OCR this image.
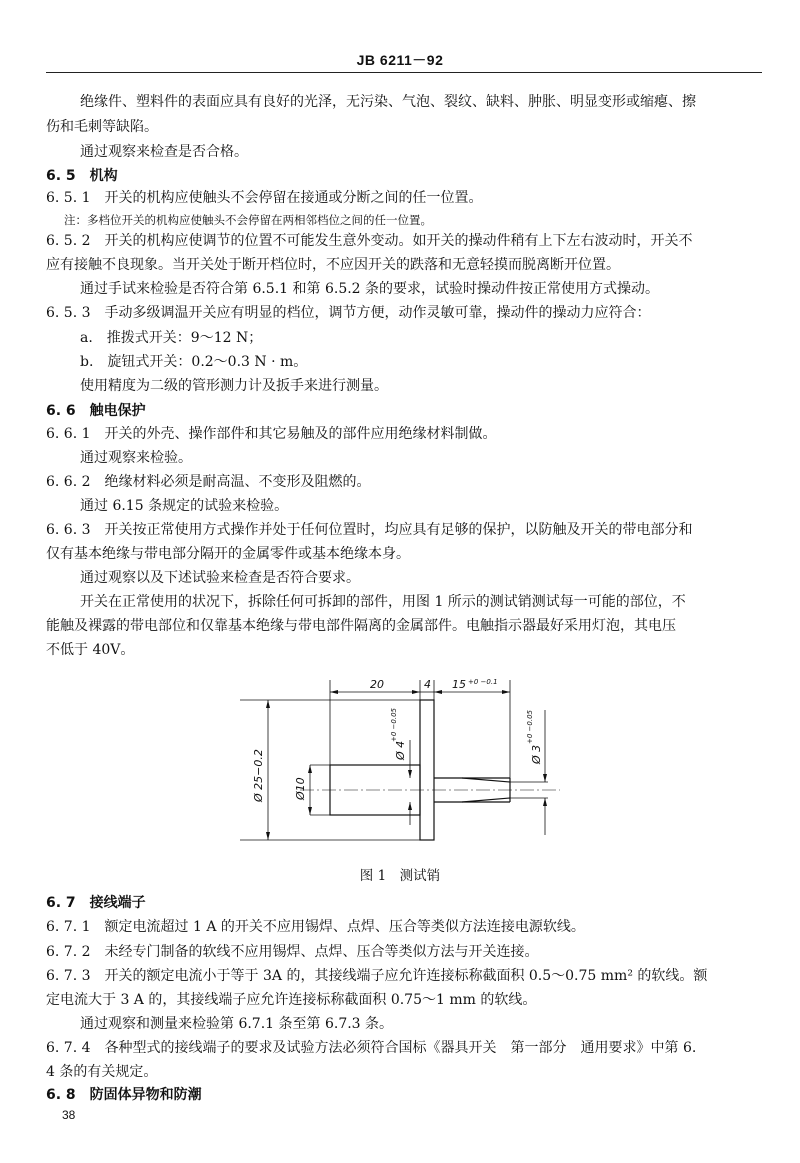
JB 6211－92
绝缘件、塑料件的表面应具有良好的光泽，无污染、气泡、裂纹、缺料、肿胀、明显变形或缩瘪、擦
伤和毛刺等缺陷。
通过观察来检查是否合格。
6. 5　机构
6. 5. 1　开关的机构应使触头不会停留在接通或分断之间的任一位置。
注：多档位开关的机构应使触头不会停留在两相邻档位之间的任一位置。
6. 5. 2　开关的机构应使调节的位置不可能发生意外变动。如开关的操动件稍有上下左右波动时，开关不
应有接触不良现象。当开关处于断开档位时，不应因开关的跌落和无意轻摸而脱离断开位置。
通过手试来检验是否符合第 6.5.1 和第 6.5.2 条的要求，试验时操动件按正常使用方式操动。
6. 5. 3　手动多级调温开关应有明显的档位，调节方便，动作灵敏可靠，操动件的操动力应符合：
a.　推拨式开关：9～12 N；
b.　旋钮式开关：0.2～0.3 N · m。
使用精度为二级的管形测力计及扳手来进行测量。
6. 6　触电保护
6. 6. 1　开关的外壳、操作部件和其它易触及的部件应用绝缘材料制做。
通过观察来检验。
6. 6. 2　绝缘材料必须是耐高温、不变形及阻燃的。
通过 6.15 条规定的试验来检验。
6. 6. 3　开关按正常使用方式操作并处于任何位置时，均应具有足够的保护，以防触及开关的带电部分和
仅有基本绝缘与带电部分隔开的金属零件或基本绝缘本身。
通过观察以及下述试验来检查是否符合要求。
开关在正常使用的状况下，拆除任何可拆卸的部件，用图 1 所示的测试销测试每一可能的部位，不
能触及裸露的带电部位和仅靠基本绝缘与带电部件隔离的金属部件。电触指示器最好采用灯泡，其电压
不低于 40V。
20	4 15 +0 −0.1
Ø 25−0.2	Ø10
Ø 4
+0 −0.05
Ø 3
+0 −0.05
图 1　测试销
6. 7　接线端子
6. 7. 1　额定电流超过 1 A 的开关不应用锡焊、点焊、压合等类似方法连接电源软线。
6. 7. 2　未经专门制备的软线不应用锡焊、点焊、压合等类似方法与开关连接。
6. 7. 3　开关的额定电流小于等于 3A 的，其接线端子应允许连接标称截面积 0.5～0.75 mm² 的软线。额
定电流大于 3 A 的，其接线端子应允许连接标称截面积 0.75～1 mm 的软线。
通过观察和测量来检验第 6.7.1 条至第 6.7.3 条。
6. 7. 4　各种型式的接线端子的要求及试验方法必须符合国标《器具开关　第一部分　通用要求》中第 6.
4 条的有关规定。
6. 8　防固体异物和防潮
38
